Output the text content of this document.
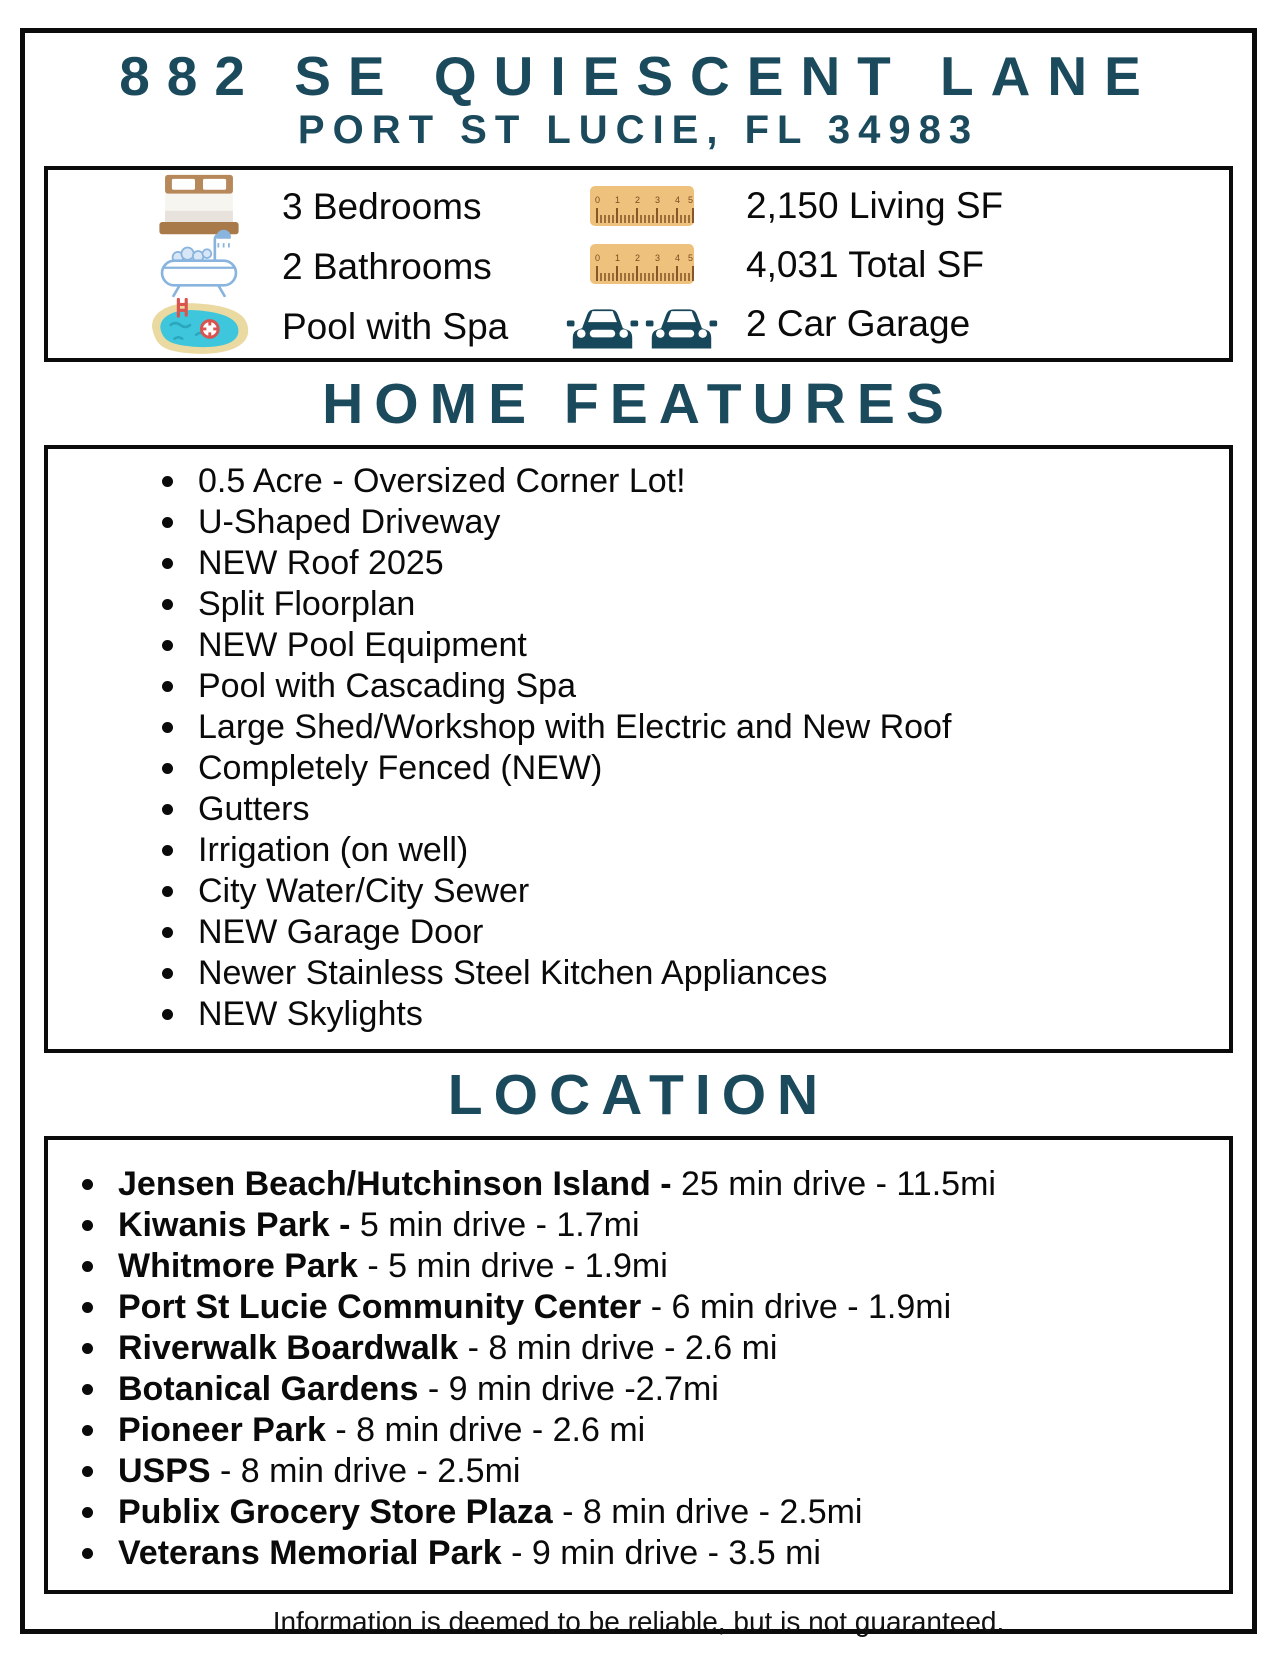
882 SE QUIESCENT LANE
PORT ST LUCIE, FL 34983
3 Bedrooms
2 Bathrooms
Pool with Spa
0 1 2 3 4 5 2,150 Living SF
0 1 2 3 4 5 4,031 Total SF
2 Car Garage
HOME FEATURES
0.5 Acre - Oversized Corner Lot!
U-Shaped Driveway
NEW Roof 2025
Split Floorplan
NEW Pool Equipment
Pool with Cascading Spa
Large Shed/Workshop with Electric and New Roof
Completely Fenced (NEW)
Gutters
Irrigation (on well)
City Water/City Sewer
NEW Garage Door
Newer Stainless Steel Kitchen Appliances
NEW Skylights
LOCATION
Jensen Beach/Hutchinson Island - 25 min drive - 11.5mi
Kiwanis Park - 5 min drive - 1.7mi
Whitmore Park - 5 min drive - 1.9mi
Port St Lucie Community Center - 6 min drive - 1.9mi
Riverwalk Boardwalk - 8 min drive - 2.6 mi
Botanical Gardens - 9 min drive -2.7mi
Pioneer Park - 8 min drive - 2.6 mi
USPS - 8 min drive - 2.5mi
Publix Grocery Store Plaza - 8 min drive - 2.5mi
Veterans Memorial Park - 9 min drive - 3.5 mi
Information is deemed to be reliable, but is not guaranteed.
